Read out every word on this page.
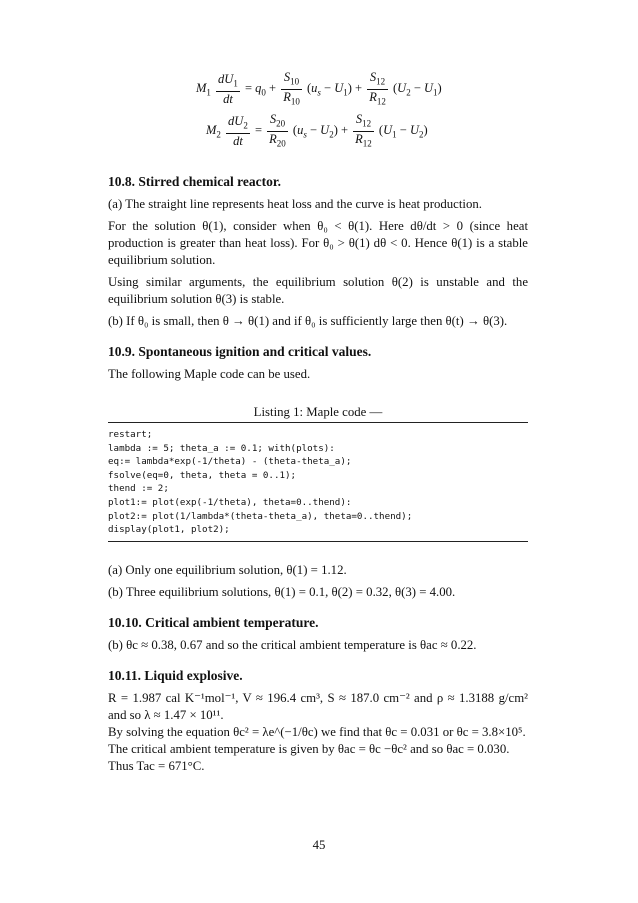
$M_1 \frac{dU_1}{dt} = q_0 + \frac{S_{10}}{R_{10}} (u_s - U_1) + \frac{S_{12}}{R_{12}} (U_2 - U_1)$
$M_2 \frac{dU_2}{dt} = \frac{S_{20}}{R_{20}} (u_s - U_2) + \frac{S_{12}}{R_{12}} (U_1 - U_2)$
10.8. Stirred chemical reactor.

(a) The straight line represents heat loss and the curve is heat production.

For the solution θ(1), consider when θ₀ < θ(1). Here dθ/dt > 0 (since heat production is greater than heat loss). For θ₀ > θ(1) dθ < 0. Hence θ(1) is a stable equilibrium solution.

Using similar arguments, the equilibrium solution θ(2) is unstable and the equilibrium solution θ(3) is stable.

(b) If θ₀ is small, then θ → θ(1) and if θ₀ is sufficiently large then θ(t) → θ(3).

10.9. Spontaneous ignition and critical values.

The following Maple code can be used.

Listing 1: Maple code —
restart;
lambda := 5; theta_a := 0.1; with(plots):
eq:= lambda*exp(-1/theta) - (theta-theta_a);
fsolve(eq=0, theta, theta = 0..1);
thend := 2;
plot1:= plot(exp(-1/theta), theta=0..thend):
plot2:= plot(1/lambda*(theta-theta_a), theta=0..thend);
display(plot1, plot2);

(a) Only one equilibrium solution, θ(1) = 1.12.

(b) Three equilibrium solutions, θ(1) = 0.1, θ(2) = 0.32, θ(3) = 4.00.

10.10. Critical ambient temperature.

(b) θc ≈ 0.38, 0.67 and so the critical ambient temperature is θac ≈ 0.22.

10.11. Liquid explosive.

R = 1.987 cal K⁻¹mol⁻¹, V ≈ 196.4 cm³, S ≈ 187.0 cm⁻² and ρ ≈ 1.3188 g/cm² and so λ ≈ 1.47 × 10¹¹.

By solving the equation θc² = λe^(−1/θc) we find that θc = 0.031 or θc = 3.8×10⁵.

The critical ambient temperature is given by θac = θc −θc² and so θac = 0.030.

Thus Tac = 671°C.

45
